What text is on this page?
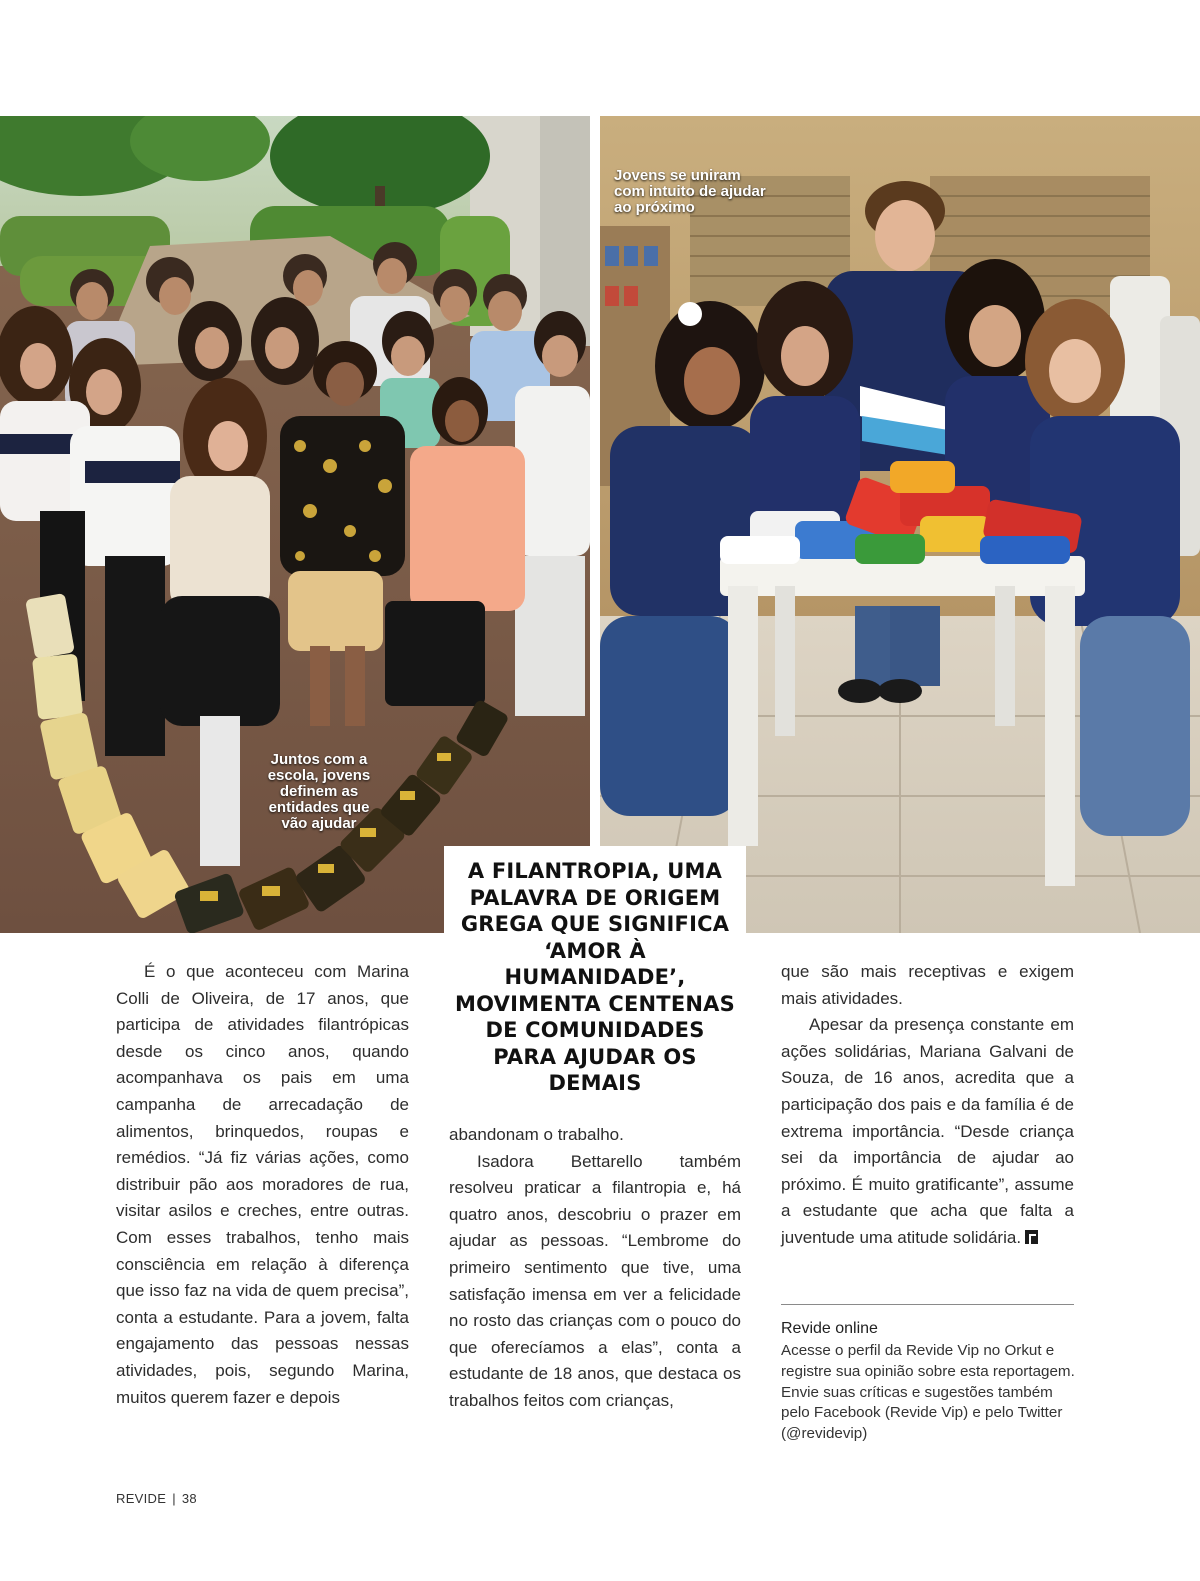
Juntos com a escola, jovens definem as entidades que vão ajudar
Jovens se uniram com intuito de ajudar ao próximo

A FILANTROPIA, UMA PALAVRA DE ORIGEM GREGA QUE SIGNIFICA ‘AMOR À HUMANIDADE’, MOVIMENTA CENTENAS DE COMUNIDADES PARA AJUDAR OS DEMAIS

É o que aconteceu com Marina Colli de Oliveira, de 17 anos, que participa de atividades filantrópicas desde os cinco anos, quando acompanhava os pais em uma campanha de arrecadação de alimentos, brinquedos, roupas e remédios. “Já fiz várias ações, como distribuir pão aos moradores de rua, visitar asilos e creches, entre outras. Com esses trabalhos, tenho mais consciência em relação à diferença que isso faz na vida de quem precisa”, conta a estudante. Para a jovem, falta engajamento das pessoas nessas atividades, pois, segundo Marina, muitos querem fazer e depois

abandonam o trabalho.

Isadora Bettarello também resolveu praticar a filantropia e, há quatro anos, descobriu o prazer em ajudar as pessoas. “Lembrome do primeiro sentimento que tive, uma satisfação imensa em ver a felicidade no rosto das crianças com o pouco do que oferecíamos a elas”, conta a estudante de 18 anos, que destaca os trabalhos feitos com crianças,

que são mais receptivas e exigem mais atividades.

Apesar da presença constante em ações solidárias, Mariana Galvani de Souza, de 16 anos, acredita que a participação dos pais e da família é de extrema importância. “Desde criança sei da importância de ajudar ao próximo. É muito gratificante”, assume a estudante que acha que falta a juventude uma atitude solidária.

Revide online
Acesse o perfil da Revide Vip no Orkut e registre sua opinião sobre esta reportagem. Envie suas críticas e sugestões também pelo Facebook (Revide Vip) e pelo Twitter (@revidevip)
REVIDE | 38
